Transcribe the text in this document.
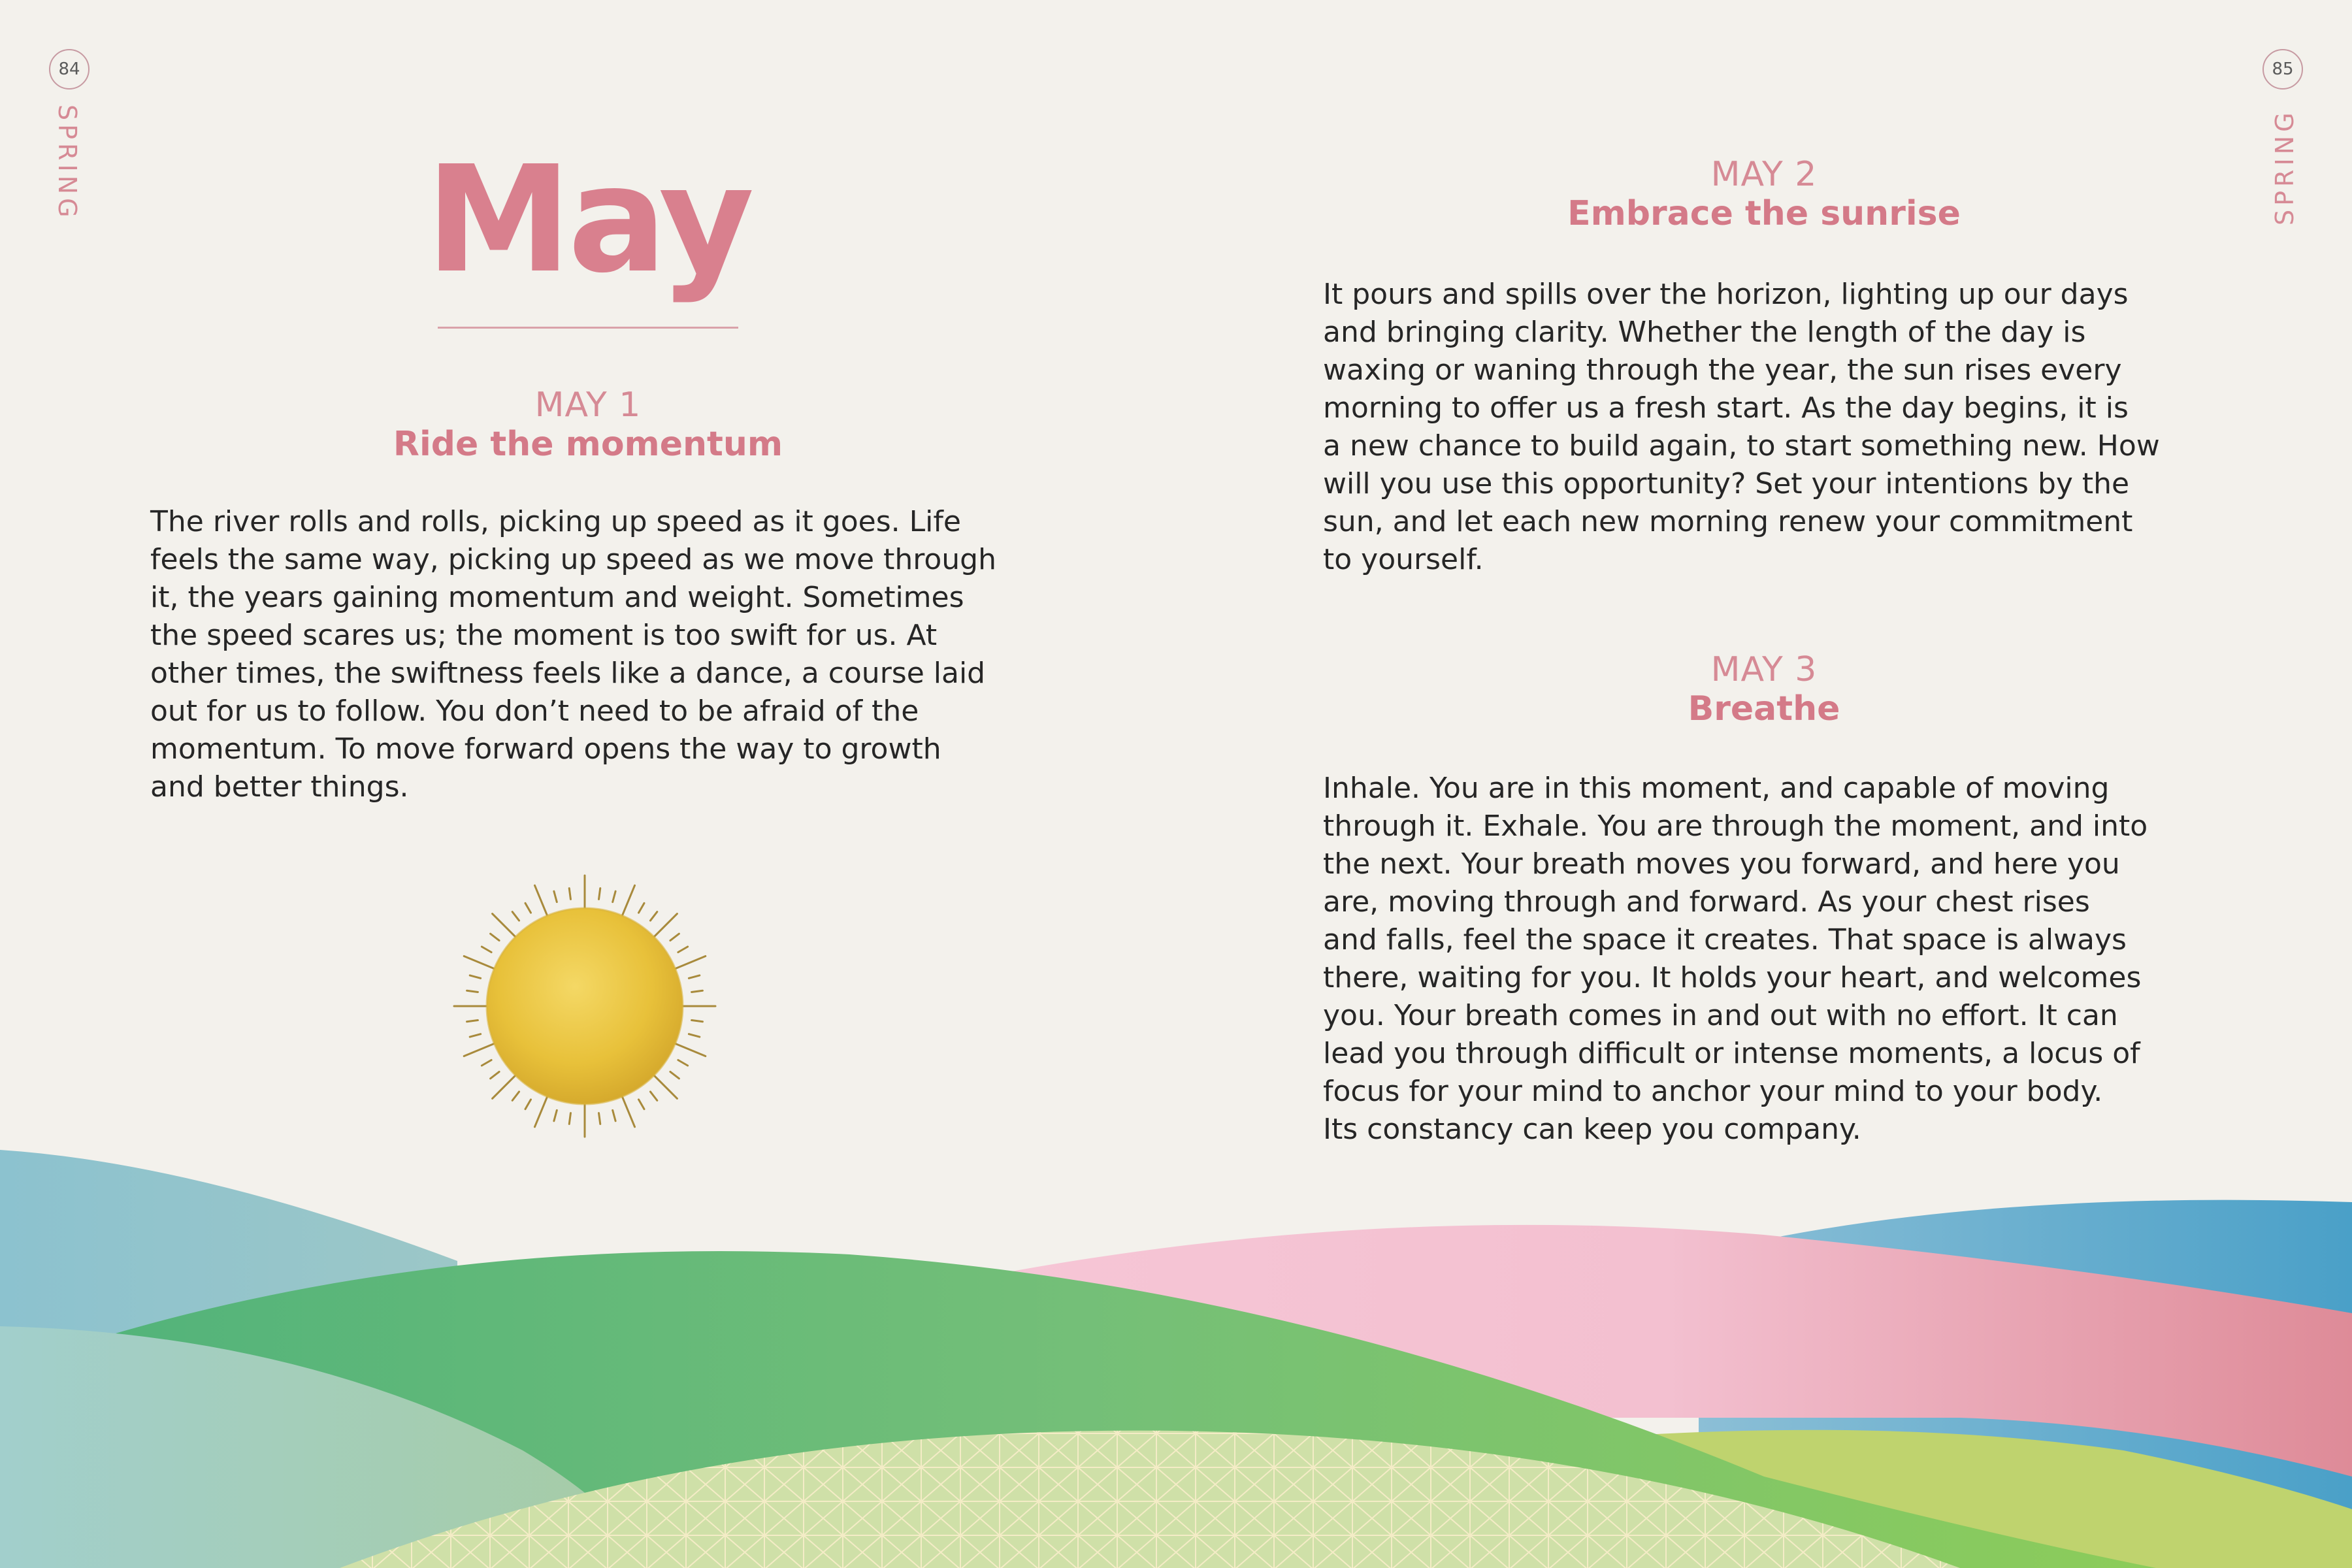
84
SPRING May
MAY 1
Ride the momentum

The river rolls and rolls, picking up speed as it goes. Life
feels the same way, picking up speed as we move through
it, the years gaining momentum and weight. Sometimes
the speed scares us; the moment is too swift for us. At
other times, the swiftness feels like a dance, a course laid
out for us to follow. You don’t need to be afraid of the
momentum. To move forward opens the way to growth
and better things.

85
SPRING
MAY 2
Embrace the sunrise

It pours and spills over the horizon, lighting up our days
and bringing clarity. Whether the length of the day is
waxing or waning through the year, the sun rises every
morning to offer us a fresh start. As the day begins, it is
a new chance to build again, to start something new. How
will you use this opportunity? Set your intentions by the
sun, and let each new morning renew your commitment
to yourself.

MAY 3
Breathe

Inhale. You are in this moment, and capable of moving
through it. Exhale. You are through the moment, and into
the next. Your breath moves you forward, and here you
are, moving through and forward. As your chest rises
and falls, feel the space it creates. That space is always
there, waiting for you. It holds your heart, and welcomes
you. Your breath comes in and out with no effort. It can
lead you through difficult or intense moments, a locus of
focus for your mind to anchor your mind to your body.
Its constancy can keep you company.
